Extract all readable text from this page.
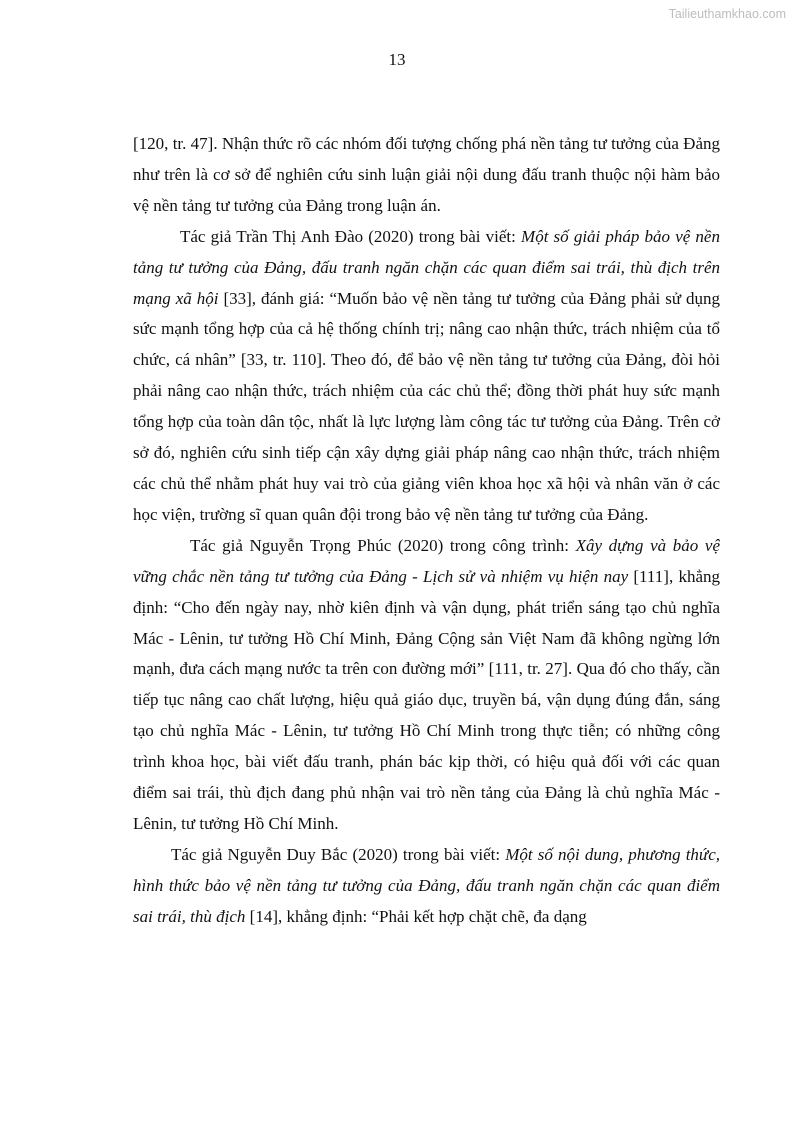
Tailieuthamkhao.com
13

[120, tr. 47]. Nhận thức rõ các nhóm đối tượng chống phá nền tảng tư tưởng của Đảng như trên là cơ sở để nghiên cứu sinh luận giải nội dung đấu tranh thuộc nội hàm bảo vệ nền tảng tư tưởng của Đảng trong luận án.

Tác giả Trần Thị Anh Đào (2020) trong bài viết: Một số giải pháp bảo vệ nền tảng tư tưởng của Đảng, đấu tranh ngăn chặn các quan điểm sai trái, thù địch trên mạng xã hội [33], đánh giá: “Muốn bảo vệ nền tảng tư tưởng của Đảng phải sử dụng sức mạnh tổng hợp của cả hệ thống chính trị; nâng cao nhận thức, trách nhiệm của tổ chức, cá nhân” [33, tr. 110]. Theo đó, để bảo vệ nền tảng tư tưởng của Đảng, đòi hỏi phải nâng cao nhận thức, trách nhiệm của các chủ thể; đồng thời phát huy sức mạnh tổng hợp của toàn dân tộc, nhất là lực lượng làm công tác tư tưởng của Đảng. Trên cở sở đó, nghiên cứu sinh tiếp cận xây dựng giải pháp nâng cao nhận thức, trách nhiệm các chủ thể nhằm phát huy vai trò của giảng viên khoa học xã hội và nhân văn ở các học viện, trường sĩ quan quân đội trong bảo vệ nền tảng tư tưởng của Đảng.

Tác giả Nguyễn Trọng Phúc (2020) trong công trình: Xây dựng và bảo vệ vững chắc nền tảng tư tưởng của Đảng - Lịch sử và nhiệm vụ hiện nay [111], khẳng định: “Cho đến ngày nay, nhờ kiên định và vận dụng, phát triển sáng tạo chủ nghĩa Mác - Lênin, tư tưởng Hồ Chí Minh, Đảng Cộng sản Việt Nam đã không ngừng lớn mạnh, đưa cách mạng nước ta trên con đường mới” [111, tr. 27]. Qua đó cho thấy, cần tiếp tục nâng cao chất lượng, hiệu quả giáo dục, truyền bá, vận dụng đúng đắn, sáng tạo chủ nghĩa Mác - Lênin, tư tưởng Hồ Chí Minh trong thực tiễn; có những công trình khoa học, bài viết đấu tranh, phán bác kịp thời, có hiệu quả đối với các quan điểm sai trái, thù địch đang phủ nhận vai trò nền tảng của Đảng là chủ nghĩa Mác - Lênin, tư tưởng Hồ Chí Minh.

Tác giả Nguyễn Duy Bắc (2020) trong bài viết: Một số nội dung, phương thức, hình thức bảo vệ nền tảng tư tưởng của Đảng, đấu tranh ngăn chặn các quan điểm sai trái, thù địch [14], khẳng định: “Phải kết hợp chặt chẽ, đa dạng
